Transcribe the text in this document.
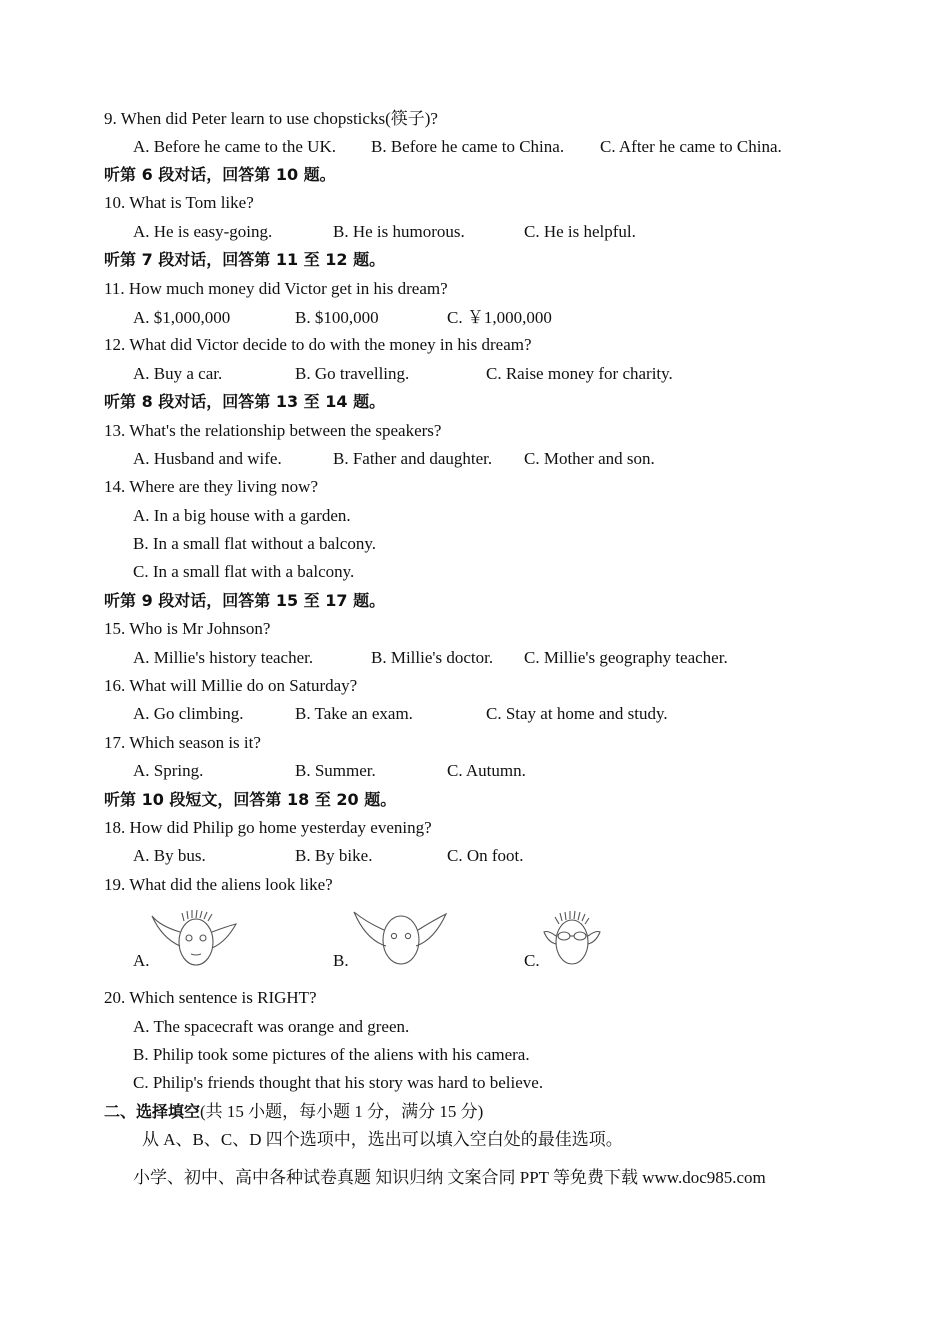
9. When did Peter learn to use chopsticks(筷子)?
A. Before he came to the UK. B. Before he came to China. C. After he came to China.
听第 6 段对话，回答第 10 题。
10. What is Tom like?
A. He is easy-going.	B. He is humorous.	C. He is helpful.
听第 7 段对话，回答第 11 至 12 题。
11. How much money did Victor get in his dream?
A. $1,000,000	B. $100,000	C. ￥1,000,000
12. What did Victor decide to do with the money in his dream?
A. Buy a car.	B. Go travelling.	C. Raise money for charity.
听第 8 段对话，回答第 13 至 14 题。
13. What's the relationship between the speakers?
A. Husband and wife.	B. Father and daughter. C. Mother and son.
14. Where are they living now?
A. In a big house with a garden.
B. In a small flat without a balcony.
C. In a small flat with a balcony.
听第 9 段对话，回答第 15 至 17 题。
15. Who is Mr Johnson?
A. Millie's history teacher.	B. Millie's doctor. C. Millie's geography teacher.
16. What will Millie do on Saturday?
A. Go climbing.	B. Take an exam.	C. Stay at home and study.
17. Which season is it?
A. Spring.	B. Summer.	C. Autumn.
听第 10 段短文，回答第 18 至 20 题。
18. How did Philip go home yesterday evening?
A. By bus.	B. By bike.	C. On foot.
19. What did the aliens look like?
A.	B.	C.
20. Which sentence is RIGHT?
A. The spacecraft was orange and green.
B. Philip took some pictures of the aliens with his camera.
C. Philip's friends thought that his story was hard to believe.
二、选择填空(共 15 小题，每小题 1 分，满分 15 分)
从 A、B、C、D 四个选项中，选出可以填入空白处的最佳选项。
小学、初中、高中各种试卷真题 知识归纳 文案合同 PPT 等免费下载 www.doc985.com
